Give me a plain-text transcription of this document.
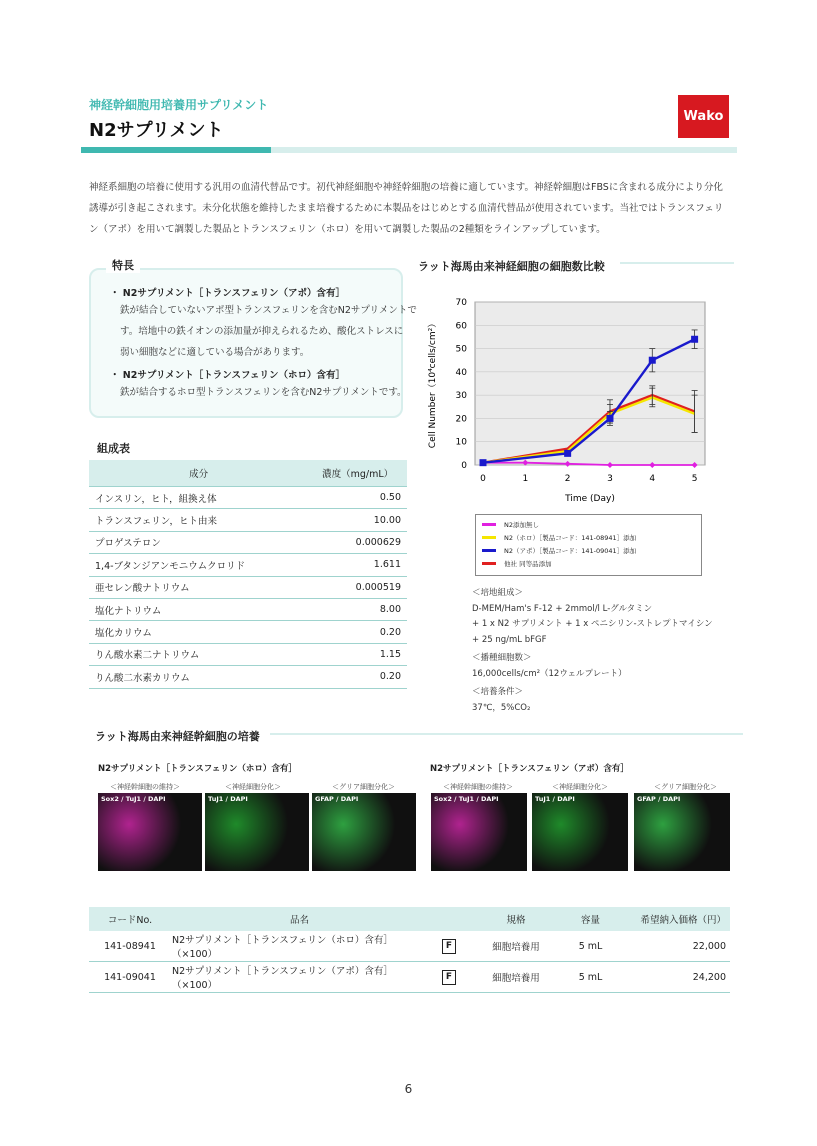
神経幹細胞用培養用サプリメント
N2サプリメント
Wako
神経系細胞の培養に使用する汎用の血清代替品です。初代神経細胞や神経幹細胞の培養に適しています。神経幹細胞はFBSに含まれる成分により分化誘導が引き起こされます。未分化状態を維持したまま培養するために本製品をはじめとする血清代替品が使用されています。当社ではトランスフェリン（アポ）を用いて調製した製品とトランスフェリン（ホロ）を用いて調製した製品の2種類をラインアップしています。
特長
・ N2サプリメント［トランスフェリン（アポ）含有］
鉄が結合していないアポ型トランスフェリンを含むN2サプリメントで
す。培地中の鉄イオンの添加量が抑えられるため、酸化ストレスに
弱い細胞などに適している場合があります。
・ N2サプリメント［トランスフェリン（ホロ）含有］
鉄が結合するホロ型トランスフェリンを含むN2サプリメントです。
組成表
成分	濃度（mg/mL）
インスリン，ヒト，組換え体	0.50
トランスフェリン，ヒト由来	10.00
プロゲステロン	0.000629
1,4-ブタンジアンモニウムクロリド	1.611
亜セレン酸ナトリウム	0.000519
塩化ナトリウム	8.00
塩化カリウム	0.20
りん酸水素二ナトリウム	1.15
りん酸二水素カリウム	0.20
ラット海馬由来神経細胞の細胞数比較
0
10
20
30
40
50
60
70
0	1	2	3	4	5
Time (Day)
Cell Number（10⁴cells/cm²）
N2添加無し
N2（ホロ）［製品コード：141-08941］添加
N2（アポ）［製品コード：141-09041］添加
他社 同等品添加
＜培地組成＞
D-MEM/Ham's F-12 + 2mmol/l L-グルタミン
+ 1 x N2 サプリメント + 1 x ペニシリン-ストレプトマイシン
+ 25 ng/mL bFGF
＜播種細胞数＞
16,000cells/cm²（12ウェルプレート）
＜培養条件＞
37℃，5%CO₂
ラット海馬由来神経幹細胞の培養
N2サプリメント［トランスフェリン（ホロ）含有］	N2サプリメント［トランスフェリン（アポ）含有］
＜神経幹細胞の維持＞
Sox2 / TuJ1 / DAPI
＜神経細胞分化＞
TuJ1 / DAPI
＜グリア細胞分化＞
GFAP / DAPI
＜神経幹細胞の維持＞
Sox2 / TuJ1 / DAPI
＜神経細胞分化＞
TuJ1 / DAPI
＜グリア細胞分化＞
GFAP / DAPI
コードNo.	品名		規格	容量	希望納入価格（円）
141-08941	N2サプリメント［トランスフェリン（ホロ）含有］（×100）	F	細胞培養用	5 mL	22,000
141-09041	N2サプリメント［トランスフェリン（アポ）含有］（×100）	F	細胞培養用	5 mL	24,200
6
